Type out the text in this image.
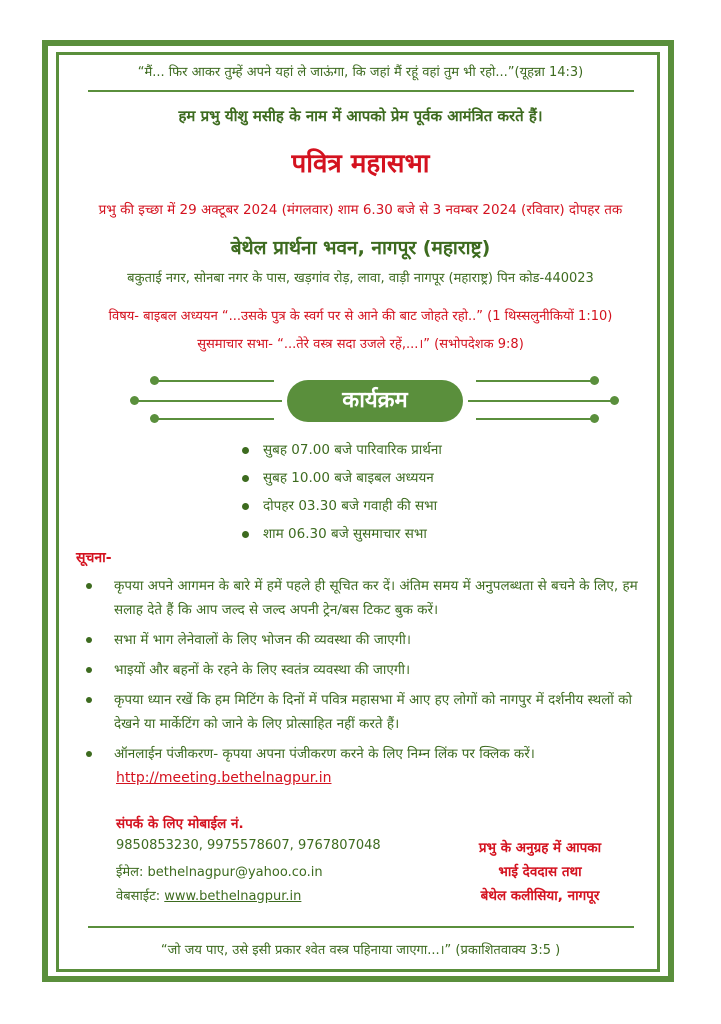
“मैं... फिर आकर तुम्हें अपने यहां ले जाऊंगा, कि जहां मैं रहूं वहां तुम भी रहो...”(यूहन्ना 14:3)
हम प्रभु यीशु मसीह के नाम में आपको प्रेम पूर्वक आमंत्रित करते हैं।
पवित्र महासभा
प्रभु की इच्छा में 29 अक्टूबर 2024 (मंगलवार) शाम 6.30 बजे से 3 नवम्बर 2024 (रविवार) दोपहर तक
बेथेल प्रार्थना भवन, नागपूर (महाराष्ट्र)
बकुताई नगर, सोनबा नगर के पास, खड़गांव रोड़, लावा, वाड़ी नागपूर (महाराष्ट्र) पिन कोड-440023
विषय- बाइबल अध्ययन “...उसके पुत्र के स्वर्ग पर से आने की बाट जोहते रहो..” (1 थिस्सलुनीकियों 1:10)
सुसमाचार सभा- “...तेरे वस्त्र सदा उजले रहें,...।” (सभोपदेशक 9:8)
कार्यक्रम
सुबह 07.00 बजे पारिवारिक प्रार्थना
सुबह 10.00 बजे बाइबल अध्ययन
दोपहर 03.30 बजे गवाही की सभा
शाम 06.30 बजे सुसमाचार सभा
सूचना-
कृपया अपने आगमन के बारे में हमें पहले ही सूचित कर दें। अंतिम समय में अनुपलब्धता से बचने के लिए, हम सलाह देते हैं कि आप जल्द से जल्द अपनी ट्रेन/बस टिकट बुक करें।
सभा में भाग लेनेवालों के लिए भोजन की व्यवस्था की जाएगी।
भाइयों और बहनों के रहने के लिए स्वतंत्र व्यवस्था की जाएगी।
कृपया ध्यान रखें कि हम मिटिंग के दिनों में पवित्र महासभा में आए हए लोगों को नागपुर में दर्शनीय स्थलों को देखने या मार्केटिंग को जाने के लिए प्रोत्साहित नहीं करते हैं।
ऑनलाईन पंजीकरण- कृपया अपना पंजीकरण करने के लिए निम्न लिंक पर क्लिक करें।
http://meeting.bethelnagpur.in
संपर्क के लिए मोबाईल नं.
9850853230, 9975578607, 9767807048
ईमेल: bethelnagpur@yahoo.co.in
वेबसाईट: www.bethelnagpur.in
प्रभु के अनुग्रह में आपका
भाई देवदास तथा
बेथेल कलीसिया, नागपूर
“जो जय पाए, उसे इसी प्रकार श्वेत वस्त्र पहिनाया जाएगा...।” (प्रकाशितवाक्य 3:5 )
